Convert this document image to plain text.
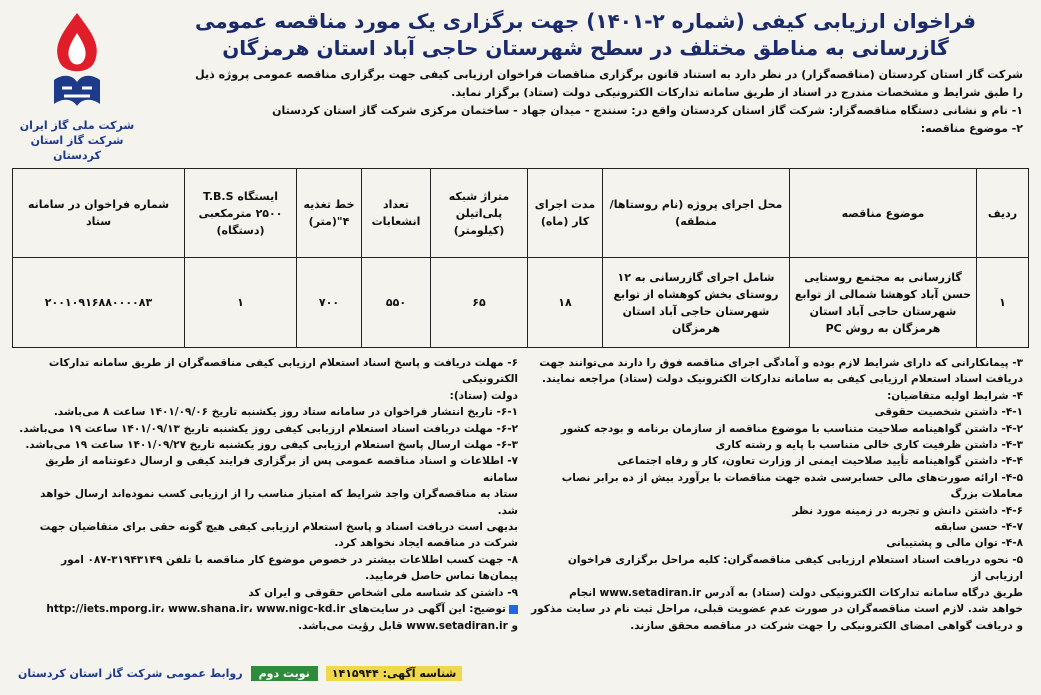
فراخوان ارزیابی کیفی (شماره ۲-۱۴۰۱) جهت برگزاری یک مورد مناقصه عمومی
گازرسانی به مناطق مختلف در سطح شهرستان حاجی آباد استان هرمزگان
شرکت ملی گاز ایران
شرکت گاز استان کردستان

شرکت گاز استان کردستان (مناقصه‌گزار) در نظر دارد به استناد قانون برگزاری مناقصات فراخوان ارزیابی کیفی جهت برگزاری مناقصه عمومی پروژه ذیل

را طبق شرایط و مشخصات مندرج در اسناد از طریق سامانه تدارکات الکترونیکی دولت (ستاد) برگزار نماید.

۱- نام و نشانی دستگاه مناقصه‌گزار: شرکت گاز استان کردستان واقع در: سنندج - میدان جهاد - ساختمان مرکزی شرکت گاز استان کردستان

۲- موضوع مناقصه:

ردیف	موضوع مناقصه	محل اجرای پروژه (نام روستاها/منطقه)	مدت اجرای کار (ماه)	متراژ شبکه پلی‌اتیلن (کیلومتر)	تعداد انشعابات	خط تغذیه ۴"(متر)	ایستگاه T.B.S ۲۵۰۰ مترمکعبی (دستگاه)	شماره فراخوان در سامانه ستاد
۱	گازرسانی به مجتمع روستایی حسن آباد کوهشا شمالی از توابع شهرستان حاجی آباد استان هرمزگان به روش PC	شامل اجرای گازرسانی به ۱۲ روستای بخش کوهشاه از توابع شهرستان حاجی آباد استان هرمزگان	۱۸	۶۵	۵۵۰	۷۰۰	۱	۲۰۰۱۰۹۱۶۸۸۰۰۰۰۸۳

۳- پیمانکارانی که دارای شرایط لازم بوده و آمادگی اجرای مناقصه فوق را دارند می‌توانند جهت

دریافت اسناد استعلام ارزیابی کیفی به سامانه تدارکات الکترونیک دولت (ستاد) مراجعه نمایند.

۴- شرایط اولیه متقاضیان:

۴-۱- داشتن شخصیت حقوقی

۴-۲- داشتن گواهینامه صلاحیت متناسب با موضوع مناقصه از سازمان برنامه و بودجه کشور

۴-۳- داشتن ظرفیت کاری خالی متناسب با پایه و رشته کاری

۴-۴- داشتن گواهینامه تأیید صلاحیت ایمنی از وزارت تعاون، کار و رفاه اجتماعی

۴-۵- ارائه صورت‌های مالی حسابرسی شده جهت مناقصات با برآورد بیش از ده برابر نصاب

معاملات بزرگ

۴-۶- داشتن دانش و تجربه در زمینه مورد نظر

۴-۷- حسن سابقه

۴-۸- توان مالی و پشتیبانی

۵- نحوه دریافت اسناد استعلام ارزیابی کیفی مناقصه‌گران: کلیه مراحل برگزاری فراخوان ارزیابی از

طریق درگاه سامانه تدارکات الکترونیکی دولت (ستاد) به آدرس www.setadiran.ir انجام

خواهد شد. لازم است مناقصه‌گران در صورت عدم عضویت قبلی، مراحل ثبت نام در سایت مذکور

و دریافت گواهی امضای الکترونیکی را جهت شرکت در مناقصه محقق سازند.

۶- مهلت دریافت و پاسخ اسناد استعلام ارزیابی کیفی مناقصه‌گران از طریق سامانه تدارکات الکترونیکی

دولت (ستاد):

۶-۱- تاریخ انتشار فراخوان در سامانه ستاد روز یکشنبه تاریخ ۱۴۰۱/۰۹/۰۶ ساعت ۸ می‌باشد.

۶-۲- مهلت دریافت اسناد استعلام ارزیابی کیفی روز یکشنبه تاریخ ۱۴۰۱/۰۹/۱۳ ساعت ۱۹ می‌باشد.

۶-۳- مهلت ارسال پاسخ استعلام ارزیابی کیفی روز یکشنبه تاریخ ۱۴۰۱/۰۹/۲۷ ساعت ۱۹ می‌باشد.

۷- اطلاعات و اسناد مناقصه عمومی پس از برگزاری فرایند کیفی و ارسال دعوتنامه از طریق سامانه

ستاد به مناقصه‌گران واجد شرایط که امتیاز مناسب را از ارزیابی کسب نموده‌اند ارسال خواهد شد.

بدیهی است دریافت اسناد و پاسخ استعلام ارزیابی کیفی هیچ گونه حقی برای متقاضیان جهت

شرکت در مناقصه ایجاد نخواهد کرد.

۸- جهت کسب اطلاعات بیشتر در خصوص موضوع کار مناقصه با تلفن ۳۱۹۴۳۱۴۹-۰۸۷ امور

پیمان‌ها تماس حاصل فرمایید.

۹- داشتن کد شناسه ملی اشخاص حقوقی و ایران کد

توضیح: این آگهی در سایت‌های http://iets.mporg.ir، www.shana.ir، www.nigc-kd.ir

و www.setadiran.ir قابل رؤیت می‌باشد.

روابط عمومی شرکت گاز استان کردستان	نوبت دوم	شناسه آگهی: ۱۴۱۵۹۴۴
